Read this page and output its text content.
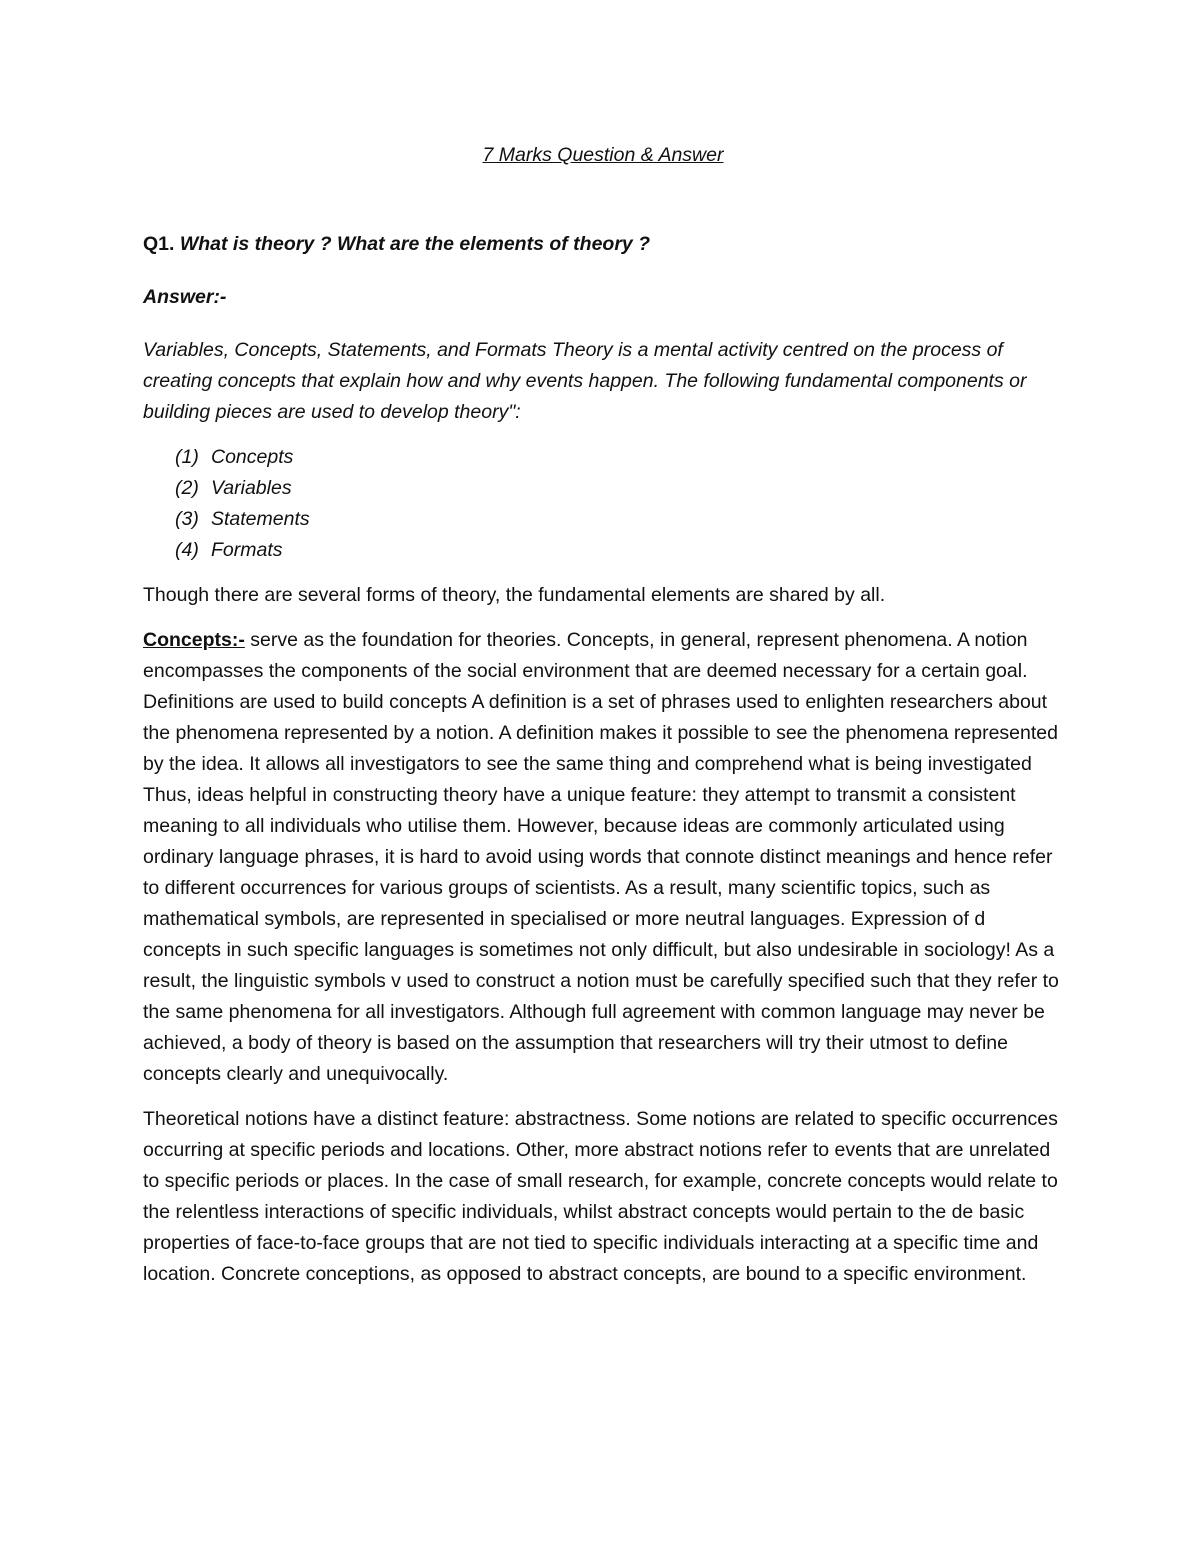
7 Marks Question & Answer
Q1. What is theory ? What are the elements of theory ?
Answer:-

Variables, Concepts, Statements, and Formats Theory is a mental activity centred on the process of creating concepts that explain how and why events happen. The following fundamental components or building pieces are used to develop theory":

(1) Concepts
(2) Variables
(3) Statements
(4) Formats

Though there are several forms of theory, the fundamental elements are shared by all.

Concepts:- serve as the foundation for theories. Concepts, in general, represent phenomena. A notion encompasses the components of the social environment that are deemed necessary for a certain goal. Definitions are used to build concepts A definition is a set of phrases used to enlighten researchers about the phenomena represented by a notion. A definition makes it possible to see the phenomena represented by the idea. It allows all investigators to see the same thing and comprehend what is being investigated Thus, ideas helpful in constructing theory have a unique feature: they attempt to transmit a consistent meaning to all individuals who utilise them. However, because ideas are commonly articulated using ordinary language phrases, it is hard to avoid using words that connote distinct meanings and hence refer to different occurrences for various groups of scientists. As a result, many scientific topics, such as mathematical symbols, are represented in specialised or more neutral languages. Expression of d concepts in such specific languages is sometimes not only difficult, but also undesirable in sociology! As a result, the linguistic symbols v used to construct a notion must be carefully specified such that they refer to the same phenomena for all investigators. Although full agreement with common language may never be achieved, a body of theory is based on the assumption that researchers will try their utmost to define concepts clearly and unequivocally.

Theoretical notions have a distinct feature: abstractness. Some notions are related to specific occurrences occurring at specific periods and locations. Other, more abstract notions refer to events that are unrelated to specific periods or places. In the case of small research, for example, concrete concepts would relate to the relentless interactions of specific individuals, whilst abstract concepts would pertain to the de basic properties of face-to-face groups that are not tied to specific individuals interacting at a specific time and location. Concrete conceptions, as opposed to abstract concepts, are bound to a specific environment.
